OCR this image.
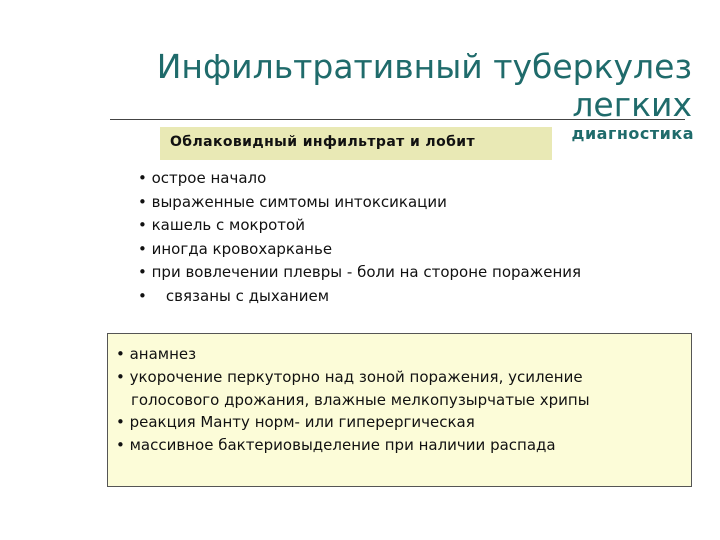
Инфильтративный туберкулез легких
диагностика
Облаковидный инфильтрат и лобит
• острое начало
• выраженные симтомы интоксикации
• кашель с мокротой
• иногда кровохарканье
• при вовлечении плевры - боли на стороне поражения
•    связаны с дыханием
• анамнез
• укорочение перкуторно над зоной поражения, усиление
голосового дрожания, влажные мелкопузырчатые хрипы
• реакция Манту норм- или гиперергическая
• массивное бактериовыделение при наличии распада
